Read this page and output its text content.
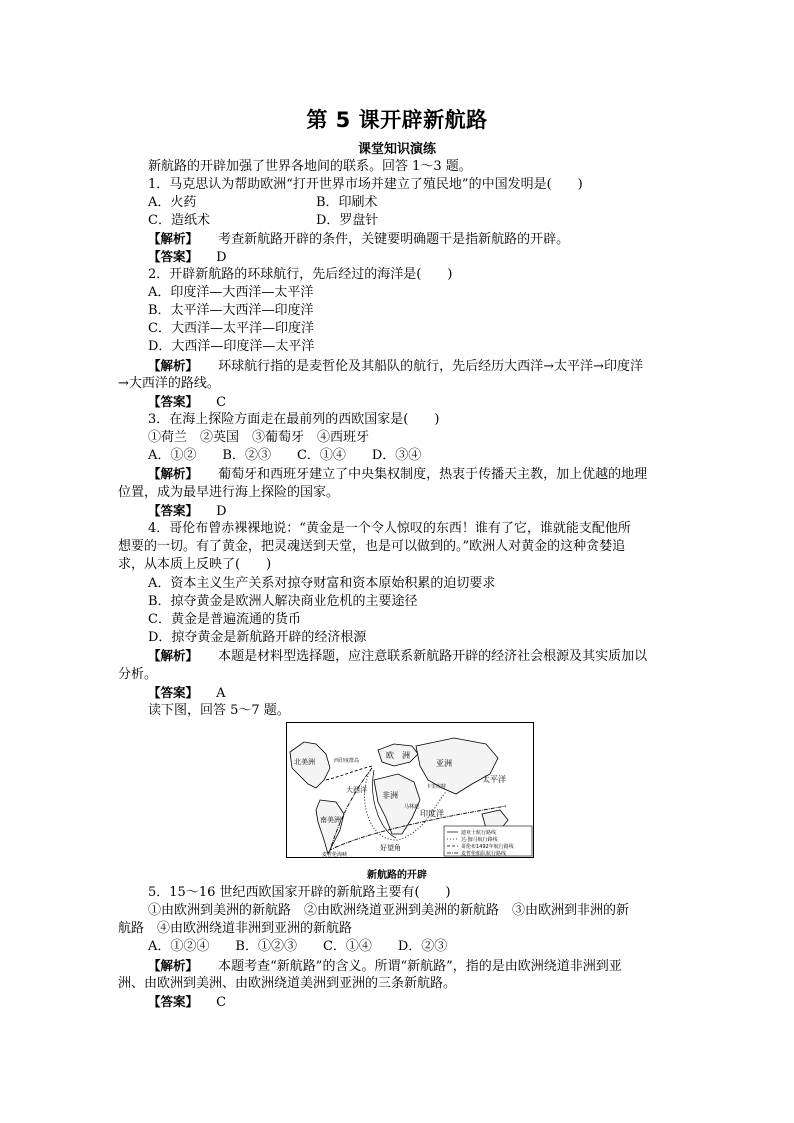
第 5 课开辟新航路
课堂知识演练
新航路的开辟加强了世界各地间的联系。回答 1～3 题。
1．马克思认为帮助欧洲“打开世界市场并建立了殖民地”的中国发明是(　　)
A．火药	B．印刷术
C．造纸术	D．罗盘针
【解析】 考查新航路开辟的条件，关键要明确题干是指新航路的开辟。
【答案】 D
2．开辟新航路的环球航行，先后经过的海洋是(　　)
A．印度洋—大西洋—太平洋
B．太平洋—大西洋—印度洋
C．大西洋—太平洋—印度洋
D．大西洋—印度洋—太平洋
【解析】 环球航行指的是麦哲伦及其船队的航行，先后经历大西洋→太平洋→印度洋
→大西洋的路线。
【答案】 C
3．在海上探险方面走在最前列的西欧国家是(　　)
①荷兰　②英国　③葡萄牙　④西班牙
A．①②　　B．②③　　C．①④　　D．③④
【解析】 葡萄牙和西班牙建立了中央集权制度，热衷于传播天主教，加上优越的地理
位置，成为最早进行海上探险的国家。
【答案】 D
4．哥伦布曾赤裸裸地说：“黄金是一个令人惊叹的东西！谁有了它，谁就能支配他所
想要的一切。有了黄金，把灵魂送到天堂，也是可以做到的。”欧洲人对黄金的这种贪婪追
求，从本质上反映了(　　)
A．资本主义生产关系对掠夺财富和资本原始积累的迫切要求
B．掠夺黄金是欧洲人解决商业危机的主要途径
C．黄金是普遍流通的货币
D．掠夺黄金是新航路开辟的经济根源
【解析】 本题是材料型选择题，应注意联系新航路开辟的经济社会根源及其实质加以
分析。
【答案】 A
读下图，回答 5～7 题。
北美洲
欧　洲
亚洲
非洲
南美洲
太平洋
印度洋
大西洋
西印度群岛
卡里库特
马林迪
好望角
麦哲伦海峡
迪亚士航行路线
达·伽马航行路线
哥伦布1492年航行路线
麦哲伦船队航行路线
新航路的开辟
5．15～16 世纪西欧国家开辟的新航路主要有(　　)
①由欧洲到美洲的新航路　②由欧洲绕道亚洲到美洲的新航路　③由欧洲到非洲的新
航路　④由欧洲绕道非洲到亚洲的新航路
A．①②④　　B．①②③　　C．①④　　D．②③
【解析】 本题考查“新航路”的含义。所谓“新航路”，指的是由欧洲绕道非洲到亚
洲、由欧洲到美洲、由欧洲绕道美洲到亚洲的三条新航路。
【答案】 C
